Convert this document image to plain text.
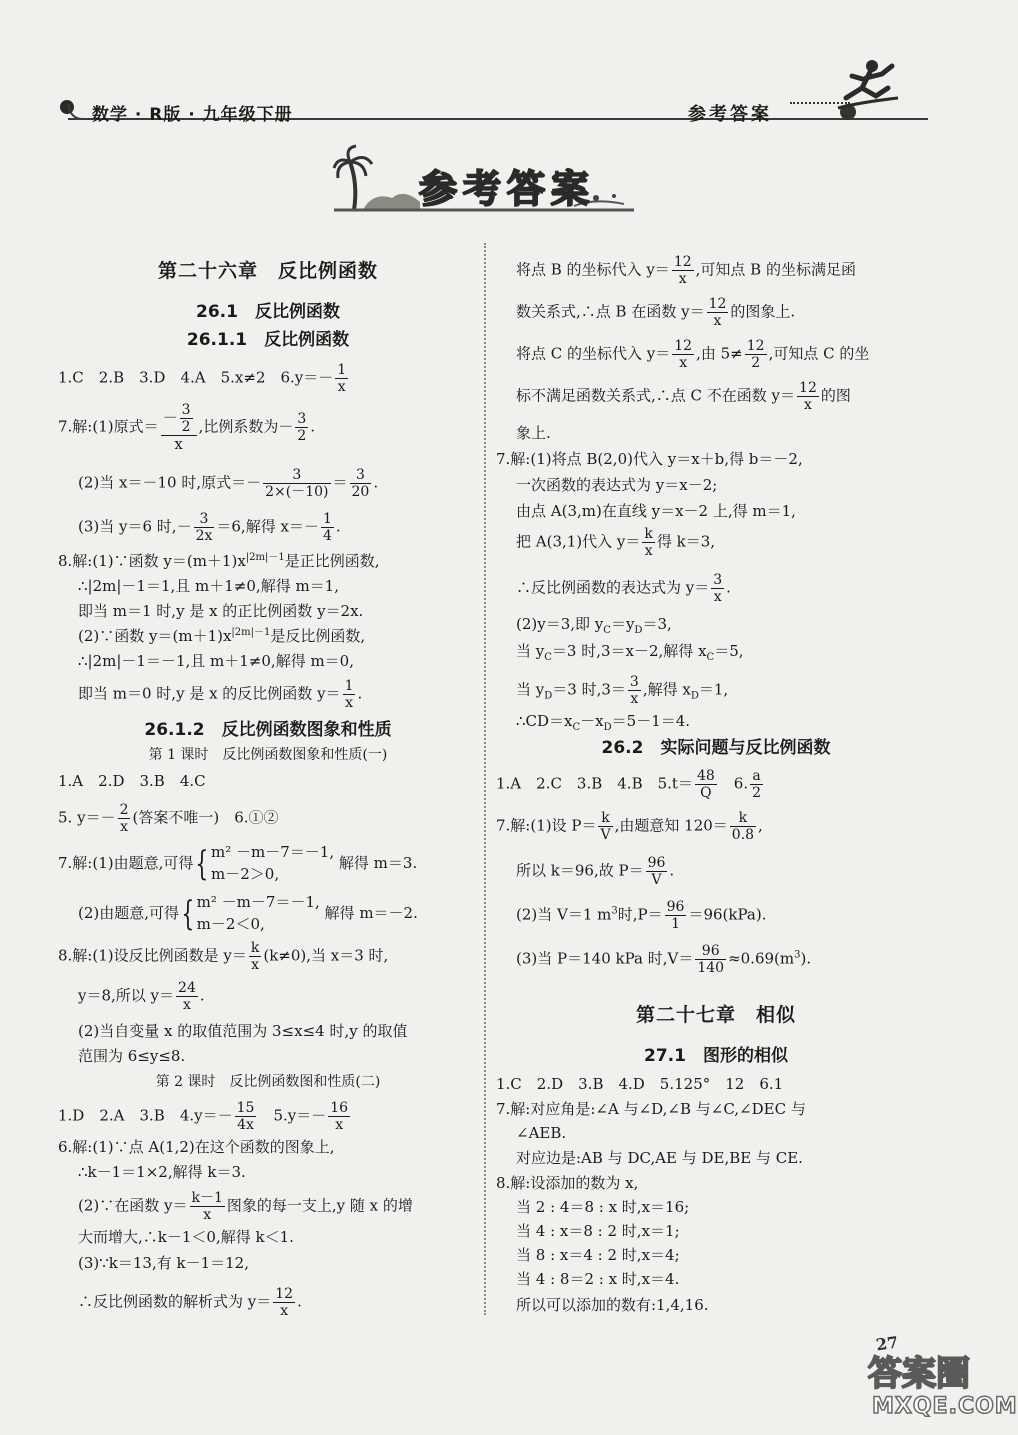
数学 · R版 · 九年级下册	参考答案
参考答案
第二十六章　反比例函数
26.1　反比例函数
26.1.1　反比例函数
1.C　2.B　3.D　4.A　5.x≠2　$6.y=- \frac{1}{x}$
7.解:(1)原式＝ $\frac{- \frac{3}{2}}{x}$ ,比例系数为－ $\frac{3}{2}$ .
(2)当 x＝－10 时,原式＝－ $\frac{3}{2\times(-10)} = \frac{3}{20}$ .
(3)当 y＝6 时,－ $\frac{3}{2x} =6$,解得 $x=- \frac{1}{4}$ .
8.解:(1)∵函数 $y=(m+1)x^{|2m|-1}$是正比例函数,
∴|2m|－1＝1,且 m＋1≠0,解得 m＝1,
即当 m＝1 时,y 是 x 的正比例函数 y＝2x.
(2)∵函数 $y=(m+1)x^{|2m|-1}$是反比例函数,
∴|2m|－1＝－1,且 m＋1≠0,解得 m＝0,
即当 m＝0 时,y 是 x 的反比例函数 $y= \frac{1}{x}$ .
26.1.2　反比例函数图象和性质
第 1 课时　反比例函数图象和性质(一)
1.A　2.D　3.B　4.C
5. $y=- \frac{2}{x}$ (答案不唯一)　6.①②
7.解:(1)由题意,可得{ m² －m－7＝－1,
m－2＞0,
解得 m＝3.
(2)由题意,可得{ m² －m－7＝－1,
m－2＜0,
解得 m＝－2.
8.解:(1)设反比例函数是 $y= \frac{k}{x} (k\ne 0)$,当 x＝3 时,
y＝8,所以 $y= \frac{24}{x}$ .
(2)当自变量 x 的取值范围为 3≤x≤4 时,y 的取值
范围为 6≤y≤8.
第 2 课时　反比例函数图和性质(二)
1.D　2.A　3.B　$4.y=- \frac{15}{4x}$ 　$5.y=- \frac{16}{x}$
6.解:(1)∵点 A(1,2)在这个函数的图象上,
∴k－1＝1×2,解得 k＝3.
(2)∵在函数 $y= \frac{k-1}{x}$ 图象的每一支上,y 随 x 的增
大而增大,∴k－1＜0,解得 k＜1.
(3)∵k＝13,有 k－1＝12,
∴反比例函数的解析式为 $y= \frac{12}{x}$ .
将点 B 的坐标代入 $y= \frac{12}{x}$ ,可知点 B 的坐标满足函
数关系式,∴点 B 在函数 $y= \frac{12}{x}$ 的图象上.
将点 C 的坐标代入 $y= \frac{12}{x}$ ,由 $5\ne \frac{12}{2}$ ,可知点 C 的坐
标不满足函数关系式,∴点 C 不在函数 $y= \frac{12}{x}$ 的图
象上.
7.解:(1)将点 B(2,0)代入 y＝x＋b,得 b＝－2,
一次函数的表达式为 y＝x－2;
由点 A(3,m)在直线 y＝x－2 上,得 m＝1,
把 A(3,1)代入 $y= \frac{k}{x}$ 得 k＝3,
∴反比例函数的表达式为 $y= \frac{3}{x}$ .
(2)y＝3,即 $y_C=y_D=3$,
当 $y_C=3$ 时,3＝x－2,解得 $x_C=5$,
当 $y_D=3$ 时$,3= \frac{3}{x}$ ,解得 $x_D=1$,
$\therefore CD=x_C-x_D=5-1=4$.
26.2　实际问题与反比例函数
1.A　2.C　3.B　4.B　$5.t= \frac{48}{Q}$ 　6. $\frac{a}{2}$
7.解:(1)设 $P= \frac{k}{V}$ ,由题意知 $120= \frac{k}{0.8}$ ,
所以 k＝96,故 $P= \frac{96}{V}$ .
(2)当 V＝1 $m^3$时$,P= \frac{96}{1} =96(kPa)$.
(3)当 P＝140 kPa 时$,V= \frac{96}{140} \approx 0.69(m^3)$.
第二十七章　相似
27.1　图形的相似
1.C　2.D　3.B　4.D　5.125°　12　6.1
7.解:对应角是:∠A 与∠D,∠B 与∠C,∠DEC 与
∠AEB.
对应边是:AB 与 DC,AE 与 DE,BE 与 CE.
8.解:设添加的数为 x,
当 2 : 4＝8 : x 时,x＝16;
当 4 : x＝8 : 2 时,x＝1;
当 8 : x＝4 : 2 时,x＝4;
当 4 : 8＝2 : x 时,x＝4.
所以可以添加的数有:1,4,16.
27
答案圈
MXQE.COM
